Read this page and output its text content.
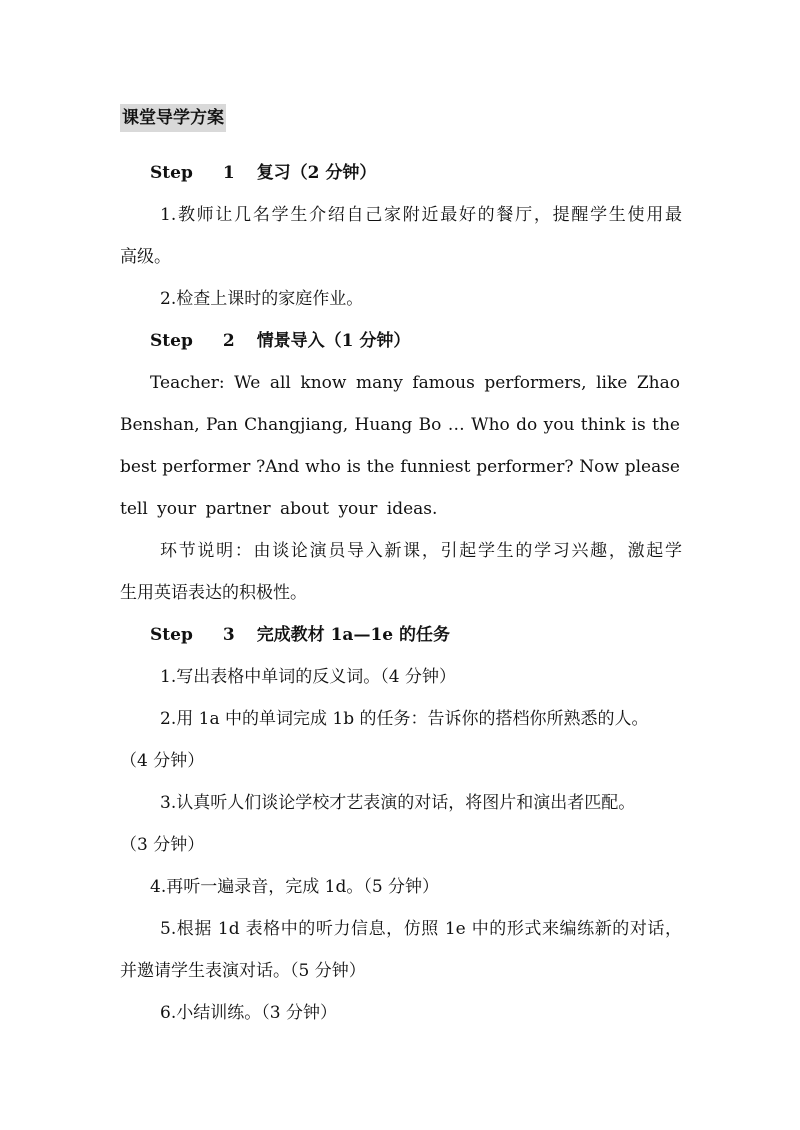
课堂导学方案
Step 1 复习（2 分钟）
1.教师让几名学生介绍自己家附近最好的餐厅，提醒学生使用最
高级。
2.检查上课时的家庭作业。
Step 2 情景导入（1 分钟）
Teacher: We all know many famous performers, like Zhao
Benshan, Pan Changjiang, Huang Bo … Who do you think is the
best performer ?And who is the funniest performer? Now please
tell your partner about your ideas.
环节说明：由谈论演员导入新课，引起学生的学习兴趣，激起学
生用英语表达的积极性。
Step 3 完成教材 1a—1e 的任务
1.写出表格中单词的反义词。（4 分钟）
2.用 1a 中的单词完成 1b 的任务：告诉你的搭档你所熟悉的人。
（4 分钟）
3.认真听人们谈论学校才艺表演的对话，将图片和演出者匹配。
（3 分钟）
4.再听一遍录音，完成 1d。（5 分钟）
5.根据 1d 表格中的听力信息，仿照 1e 中的形式来编练新的对话，
并邀请学生表演对话。（5 分钟）
6.小结训练。（3 分钟）
